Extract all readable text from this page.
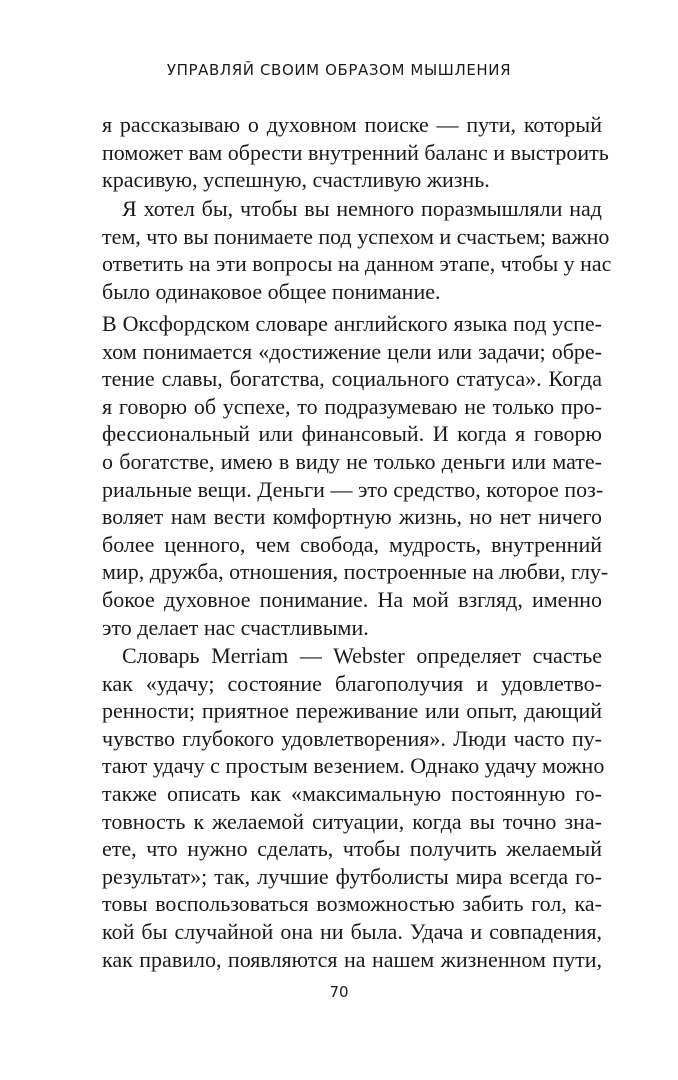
УПРАВЛЯЙ СВОИМ ОБРАЗОМ МЫШЛЕНИЯ
я рассказываю о духовном поиске — пути, который
поможет вам обрести внутренний баланс и выстроить
красивую, успешную, счастливую жизнь.
Я хотел бы, чтобы вы немного поразмышляли над
тем, что вы понимаете под успехом и счастьем; важно
ответить на эти вопросы на данном этапе, чтобы у нас
было одинаковое общее понимание.
В Оксфордском словаре английского языка под успе-
хом понимается «достижение цели или задачи; обре-
тение славы, богатства, социального статуса». Когда
я говорю об успехе, то подразумеваю не только про-
фессиональный или финансовый. И когда я говорю
о богатстве, имею в виду не только деньги или мате-
риальные вещи. Деньги — это средство, которое поз-
воляет нам вести комфортную жизнь, но нет ничего
более ценного, чем свобода, мудрость, внутренний
мир, дружба, отношения, построенные на любви, глу-
бокое духовное понимание. На мой взгляд, именно
это делает нас счастливыми.
Словарь Merriam — Webster определяет счастье
как «удачу; состояние благополучия и удовлетво-
ренности; приятное переживание или опыт, дающий
чувство глубокого удовлетворения». Люди часто пу-
тают удачу с простым везением. Однако удачу можно
также описать как «максимальную постоянную го-
товность к желаемой ситуации, когда вы точно зна-
ете, что нужно сделать, чтобы получить желаемый
результат»; так, лучшие футболисты мира всегда го-
товы воспользоваться возможностью забить гол, ка-
кой бы случайной она ни была. Удача и совпадения,
как правило, появляются на нашем жизненном пути,
70
